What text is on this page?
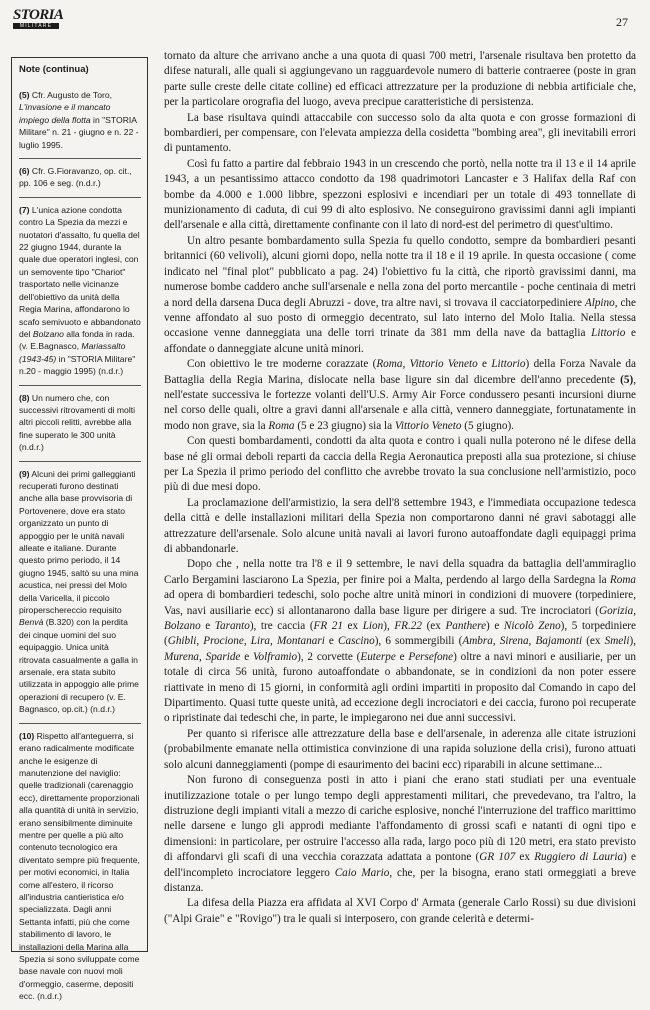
STORIA
MILITARE	27
Note (continua)
(5) Cfr. Augusto de Toro, L'invasione e il mancato impiego della flotta in "STORIA Militare" n. 21 - giugno e n. 22 - luglio 1995.
(6) Cfr. G.Fioravanzo, op. cit., pp. 106 e seg. (n.d.r.)
(7) L'unica azione condotta contro La Spezia da mezzi e nuotatori d'assalto, fu quella del 22 giugno 1944, durante la quale due operatori inglesi, con un semovente tipo "Chariot" trasportato nelle vicinanze dell'obiettivo da unità della Regia Marina, affondarono lo scafo semivuoto e abbandonato del Bolzano alla fonda in rada. (v. E.Bagnasco, Mariassalto (1943-45) in "STORIA Militare" n.20 - maggio 1995) (n.d.r.)
(8) Un numero che, con successivi ritrovamenti di molti altri piccoli relitti, avrebbe alla fine superato le 300 unità (n.d.r.)
(9) Alcuni dei primi galleggianti recuperati furono destinati anche alla base provvisoria di Portovenere, dove era stato organizzato un punto di appoggio per le unità navali alleate e italiane. Durante questo primo periodo, il 14 giugno 1945, saltò su una mina acustica, nei pressi del Molo della Varicella, il piccolo piroperschereccio requisito Benvà (B.320) con la perdita dei cinque uomini del suo equipaggio. Unica unità ritrovata casualmente a galla in arsenale, era stata subito utilizzata in appoggio alle prime operazioni di recupero (v. E. Bagnasco, op.cit.) (n.d.r.)
(10) Rispetto all'anteguerra, si erano radicalmente modificate anche le esigenze di manutenzione del naviglio: quelle tradizionali (carenaggio ecc), direttamente proporzionali alla quantità di unità in servizio, erano sensibilmente diminuite mentre per quelle a più alto contenuto tecnologico era diventato sempre più frequente, per motivi economici, in Italia come all'estero, il ricorso all'industria cantieristica e/o specializzata. Dagli anni Settanta infatti, più che come stabilimento di lavoro, le installazioni della Marina alla Spezia si sono sviluppate come base navale con nuovi moli d'ormeggio, caserme, depositi ecc. (n.d.r.)

tornato da alture che arrivano anche a una quota di quasi 700 metri, l'arsenale risultava ben protetto da difese naturali, alle quali si aggiungevano un ragguardevole numero di batterie contraeree (poste in gran parte sulle creste delle citate colline) ed efficaci attrezzature per la produzione di nebbia artificiale che, per la particolare orografia del luogo, aveva precipue caratteristiche di persistenza.

La base risultava quindi attaccabile con successo solo da alta quota e con grosse formazioni di bombardieri, per compensare, con l'elevata ampiezza della cosidetta "bombing area", gli inevitabili errori di puntamento.

Così fu fatto a partire dal febbraio 1943 in un crescendo che portò, nella notte tra il 13 e il 14 aprile 1943, a un pesantissimo attacco condotto da 198 quadrimotori Lancaster e 3 Halifax della Raf con bombe da 4.000 e 1.000 libbre, spezzoni esplosivi e incendiari per un totale di 493 tonnellate di munizionamento di caduta, di cui 99 di alto esplosivo. Ne conseguirono gravissimi danni agli impianti dell'arsenale e alla città, direttamente confinante con il lato di nord-est del perimetro di quest'ultimo.

Un altro pesante bombardamento sulla Spezia fu quello condotto, sempre da bombardieri pesanti britannici (60 velivoli), alcuni giorni dopo, nella notte tra il 18 e il 19 aprile. In questa occasione ( come indicato nel "final plot" pubblicato a pag. 24) l'obiettivo fu la città, che riportò gravissimi danni, ma numerose bombe caddero anche sull'arsenale e nella zona del porto mercantile - poche centinaia di metri a nord della darsena Duca degli Abruzzi - dove, tra altre navi, si trovava il cacciatorpediniere Alpino, che venne affondato al suo posto di ormeggio decentrato, sul lato interno del Molo Italia. Nella stessa occasione venne danneggiata una delle torri trinate da 381 mm della nave da battaglia Littorio e affondate o danneggiate alcune unità minori.

Con obiettivo le tre moderne corazzate (Roma, Vittorio Veneto e Littorio) della Forza Navale da Battaglia della Regia Marina, dislocate nella base ligure sin dal dicembre dell'anno precedente (5), nell'estate successiva le fortezze volanti dell'U.S. Army Air Force condussero pesanti incursioni diurne nel corso delle quali, oltre a gravi danni all'arsenale e alla città, vennero danneggiate, fortunatamente in modo non grave, sia la Roma (5 e 23 giugno) sia la Vittorio Veneto (5 giugno).

Con questi bombardamenti, condotti da alta quota e contro i quali nulla poterono né le difese della base né gli ormai deboli reparti da caccia della Regia Aeronautica preposti alla sua protezione, si chiuse per La Spezia il primo periodo del conflitto che avrebbe trovato la sua conclusione nell'armistizio, poco più di due mesi dopo.

La proclamazione dell'armistizio, la sera dell'8 settembre 1943, e l'immediata occupazione tedesca della città e delle installazioni militari della Spezia non comportarono danni né gravi sabotaggi alle attrezzature dell'arsenale. Solo alcune unità navali ai lavori furono autoaffondate dagli equipaggi prima di abbandonarle.

Dopo che , nella notte tra l'8 e il 9 settembre, le navi della squadra da battaglia dell'ammiraglio Carlo Bergamini lasciarono La Spezia, per finire poi a Malta, perdendo al largo della Sardegna la Roma ad opera di bombardieri tedeschi, solo poche altre unità minori in condizioni di muovere (torpediniere, Vas, navi ausiliarie ecc) si allontanarono dalla base ligure per dirigere a sud. Tre incrociatori (Gorizia, Bolzano e Taranto), tre caccia (FR 21 ex Lion), FR.22 (ex Panthere) e Nicolò Zeno), 5 torpediniere (Ghibli, Procione, Lira, Montanari e Cascino), 6 sommergibili (Ambra, Sirena, Bajamonti (ex Smeli), Murena, Sparide e Volframio), 2 corvette (Euterpe e Persefone) oltre a navi minori e ausiliarie, per un totale di circa 56 unità, furono autoaffondate o abbandonate, se in condizioni da non poter essere riattivate in meno di 15 giorni, in conformità agli ordini impartiti in proposito dal Comando in capo del Dipartimento. Quasi tutte queste unità, ad eccezione degli incrociatori e dei caccia, furono poi recuperate o ripristinate dai tedeschi che, in parte, le impiegarono nei due anni successivi.

Per quanto si riferisce alle attrezzature della base e dell'arsenale, in aderenza alle citate istruzioni (probabilmente emanate nella ottimistica convinzione di una rapida soluzione della crisi), furono attuati solo alcuni danneggiamenti (pompe di esaurimento dei bacini ecc) riparabili in alcune settimane...

Non furono di conseguenza posti in atto i piani che erano stati studiati per una eventuale inutilizzazione totale o per lungo tempo degli apprestamenti militari, che prevedevano, tra l'altro, la distruzione degli impianti vitali a mezzo di cariche esplosive, nonché l'interruzione del traffico marittimo nelle darsene e lungo gli approdi mediante l'affondamento di grossi scafi e natanti di ogni tipo e dimensioni: in particolare, per ostruire l'accesso alla rada, largo poco più di 120 metri, era stato previsto di affondarvi gli scafi di una vecchia corazzata adattata a pontone (GR 107 ex Ruggiero di Lauria) e dell'incompleto incrociatore leggero Caio Mario, che, per la bisogna, erano stati ormeggiati a breve distanza.

La difesa della Piazza era affidata al XVI Corpo d' Armata (generale Carlo Rossi) su due divisioni ("Alpi Graie" e "Rovigo") tra le quali si interposero, con grande celerità e determi-
